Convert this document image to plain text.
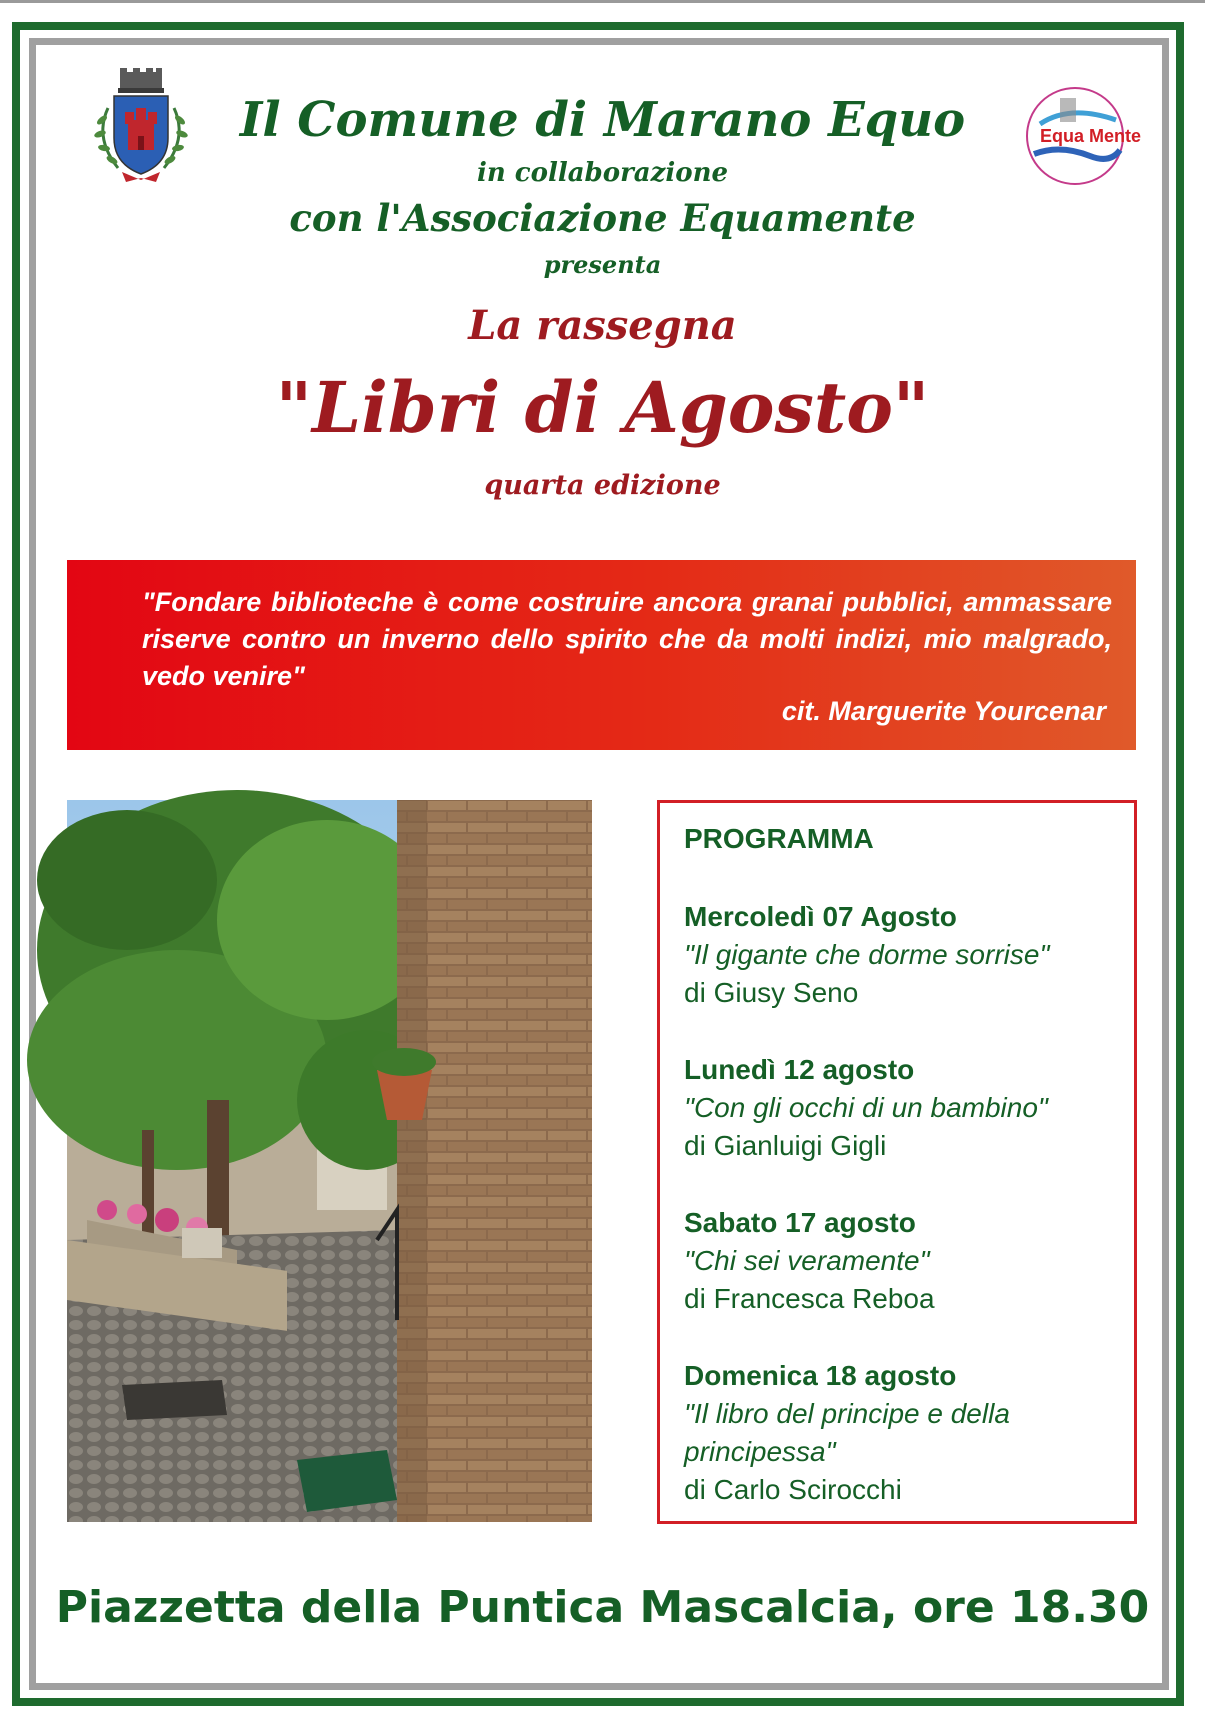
Il Comune di Marano Equo
in collaborazione
con l'Associazione Equamente
presenta
Equa Mente
La rassegna
"Libri di Agosto"
quarta edizione
"Fondare biblioteche è come costruire ancora granai pubblici, ammassare riserve contro un inverno dello spirito che da molti indizi, mio malgrado, vedo venire"
cit. Marguerite Yourcenar
PROGRAMMA
Mercoledì 07 Agosto
"Il gigante che dorme sorrise"
di Giusy Seno
Lunedì 12 agosto
"Con gli occhi di un bambino"
di Gianluigi Gigli
Sabato 17 agosto
"Chi sei veramente"
di Francesca Reboa
Domenica 18 agosto
"Il libro del principe e della principessa"
di Carlo Scirocchi
Piazzetta della Puntica Mascalcia, ore 18.30
